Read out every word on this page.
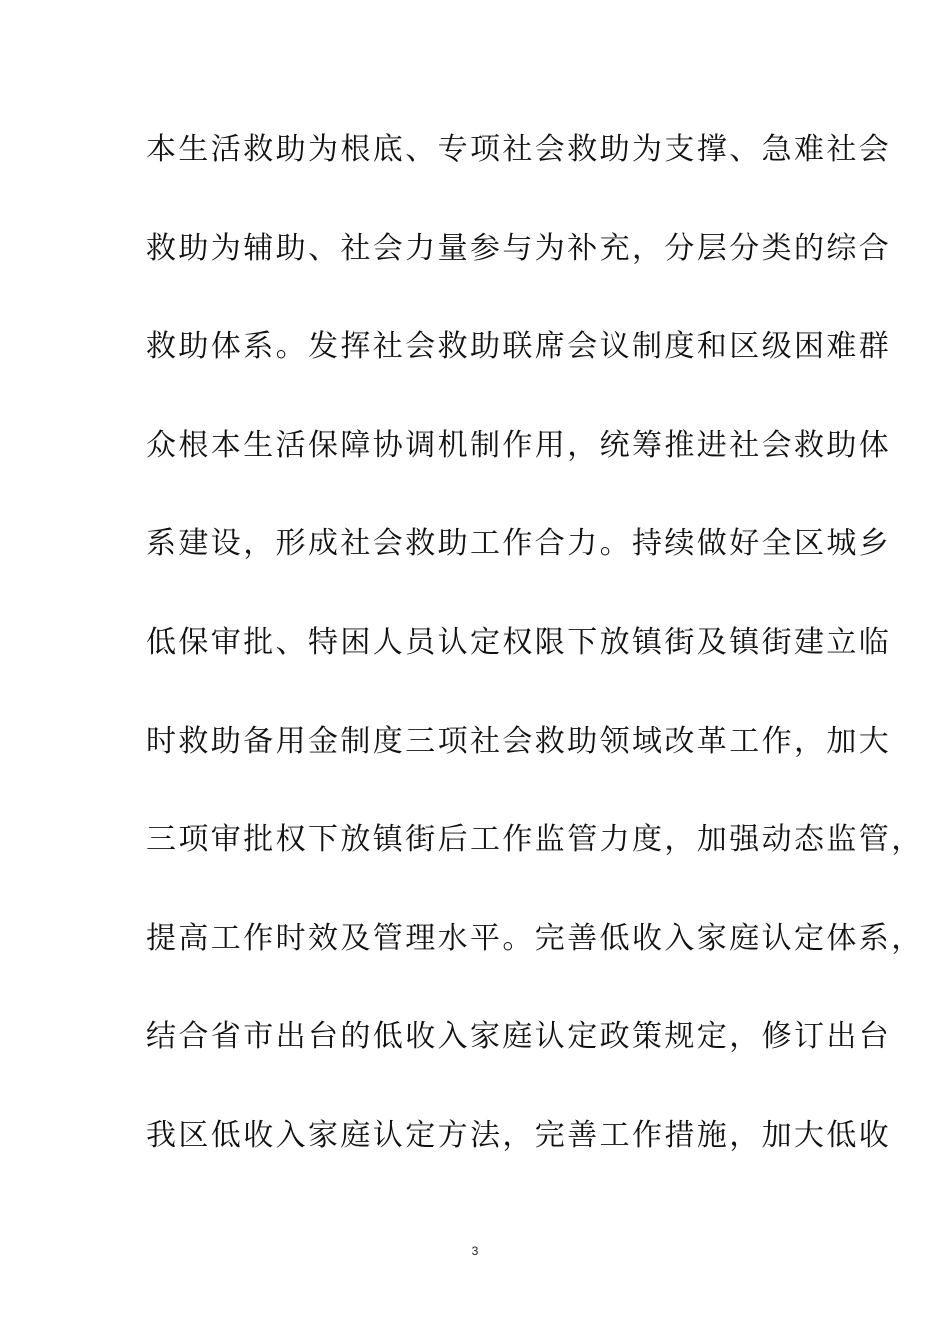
本生活救助为根底、专项社会救助为支撑、急难社会
救助为辅助、社会力量参与为补充，分层分类的综合
救助体系。发挥社会救助联席会议制度和区级困难群
众根本生活保障协调机制作用，统筹推进社会救助体
系建设，形成社会救助工作合力。持续做好全区城乡
低保审批、特困人员认定权限下放镇街及镇街建立临
时救助备用金制度三项社会救助领域改革工作，加大
三项审批权下放镇街后工作监管力度，加强动态监管，
提高工作时效及管理水平。完善低收入家庭认定体系，
结合省市出台的低收入家庭认定政策规定，修订出台
我区低收入家庭认定方法，完善工作措施，加大低收
3
